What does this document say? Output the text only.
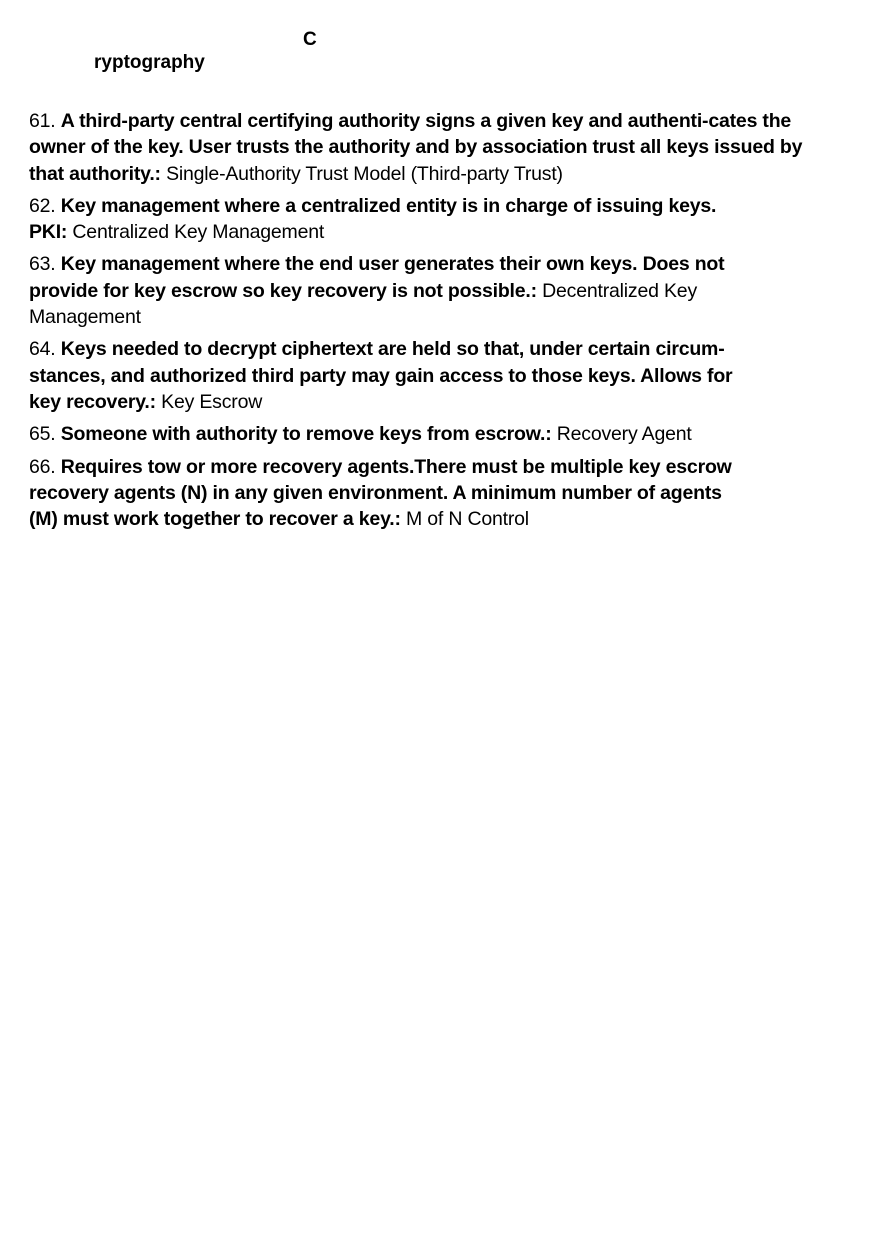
C
ryptography
61. A third-party central certifying authority signs a given key and authenti-cates the owner of the key. User trusts the authority and by association trust all keys issued by that authority.: Single-Authority Trust Model (Third-party Trust)
62. Key management where a centralized entity is in charge of issuing keys. PKI: Centralized Key Management
63. Key management where the end user generates their own keys. Does not provide for key escrow so key recovery is not possible.: Decentralized Key Management
64. Keys needed to decrypt ciphertext are held so that, under certain circum-stances, and authorized third party may gain access to those keys. Allows for key recovery.: Key Escrow
65. Someone with authority to remove keys from escrow.: Recovery Agent
66. Requires tow or more recovery agents.There must be multiple key escrow recovery agents (N) in any given environment. A minimum number of agents (M) must work together to recover a key.: M of N Control
